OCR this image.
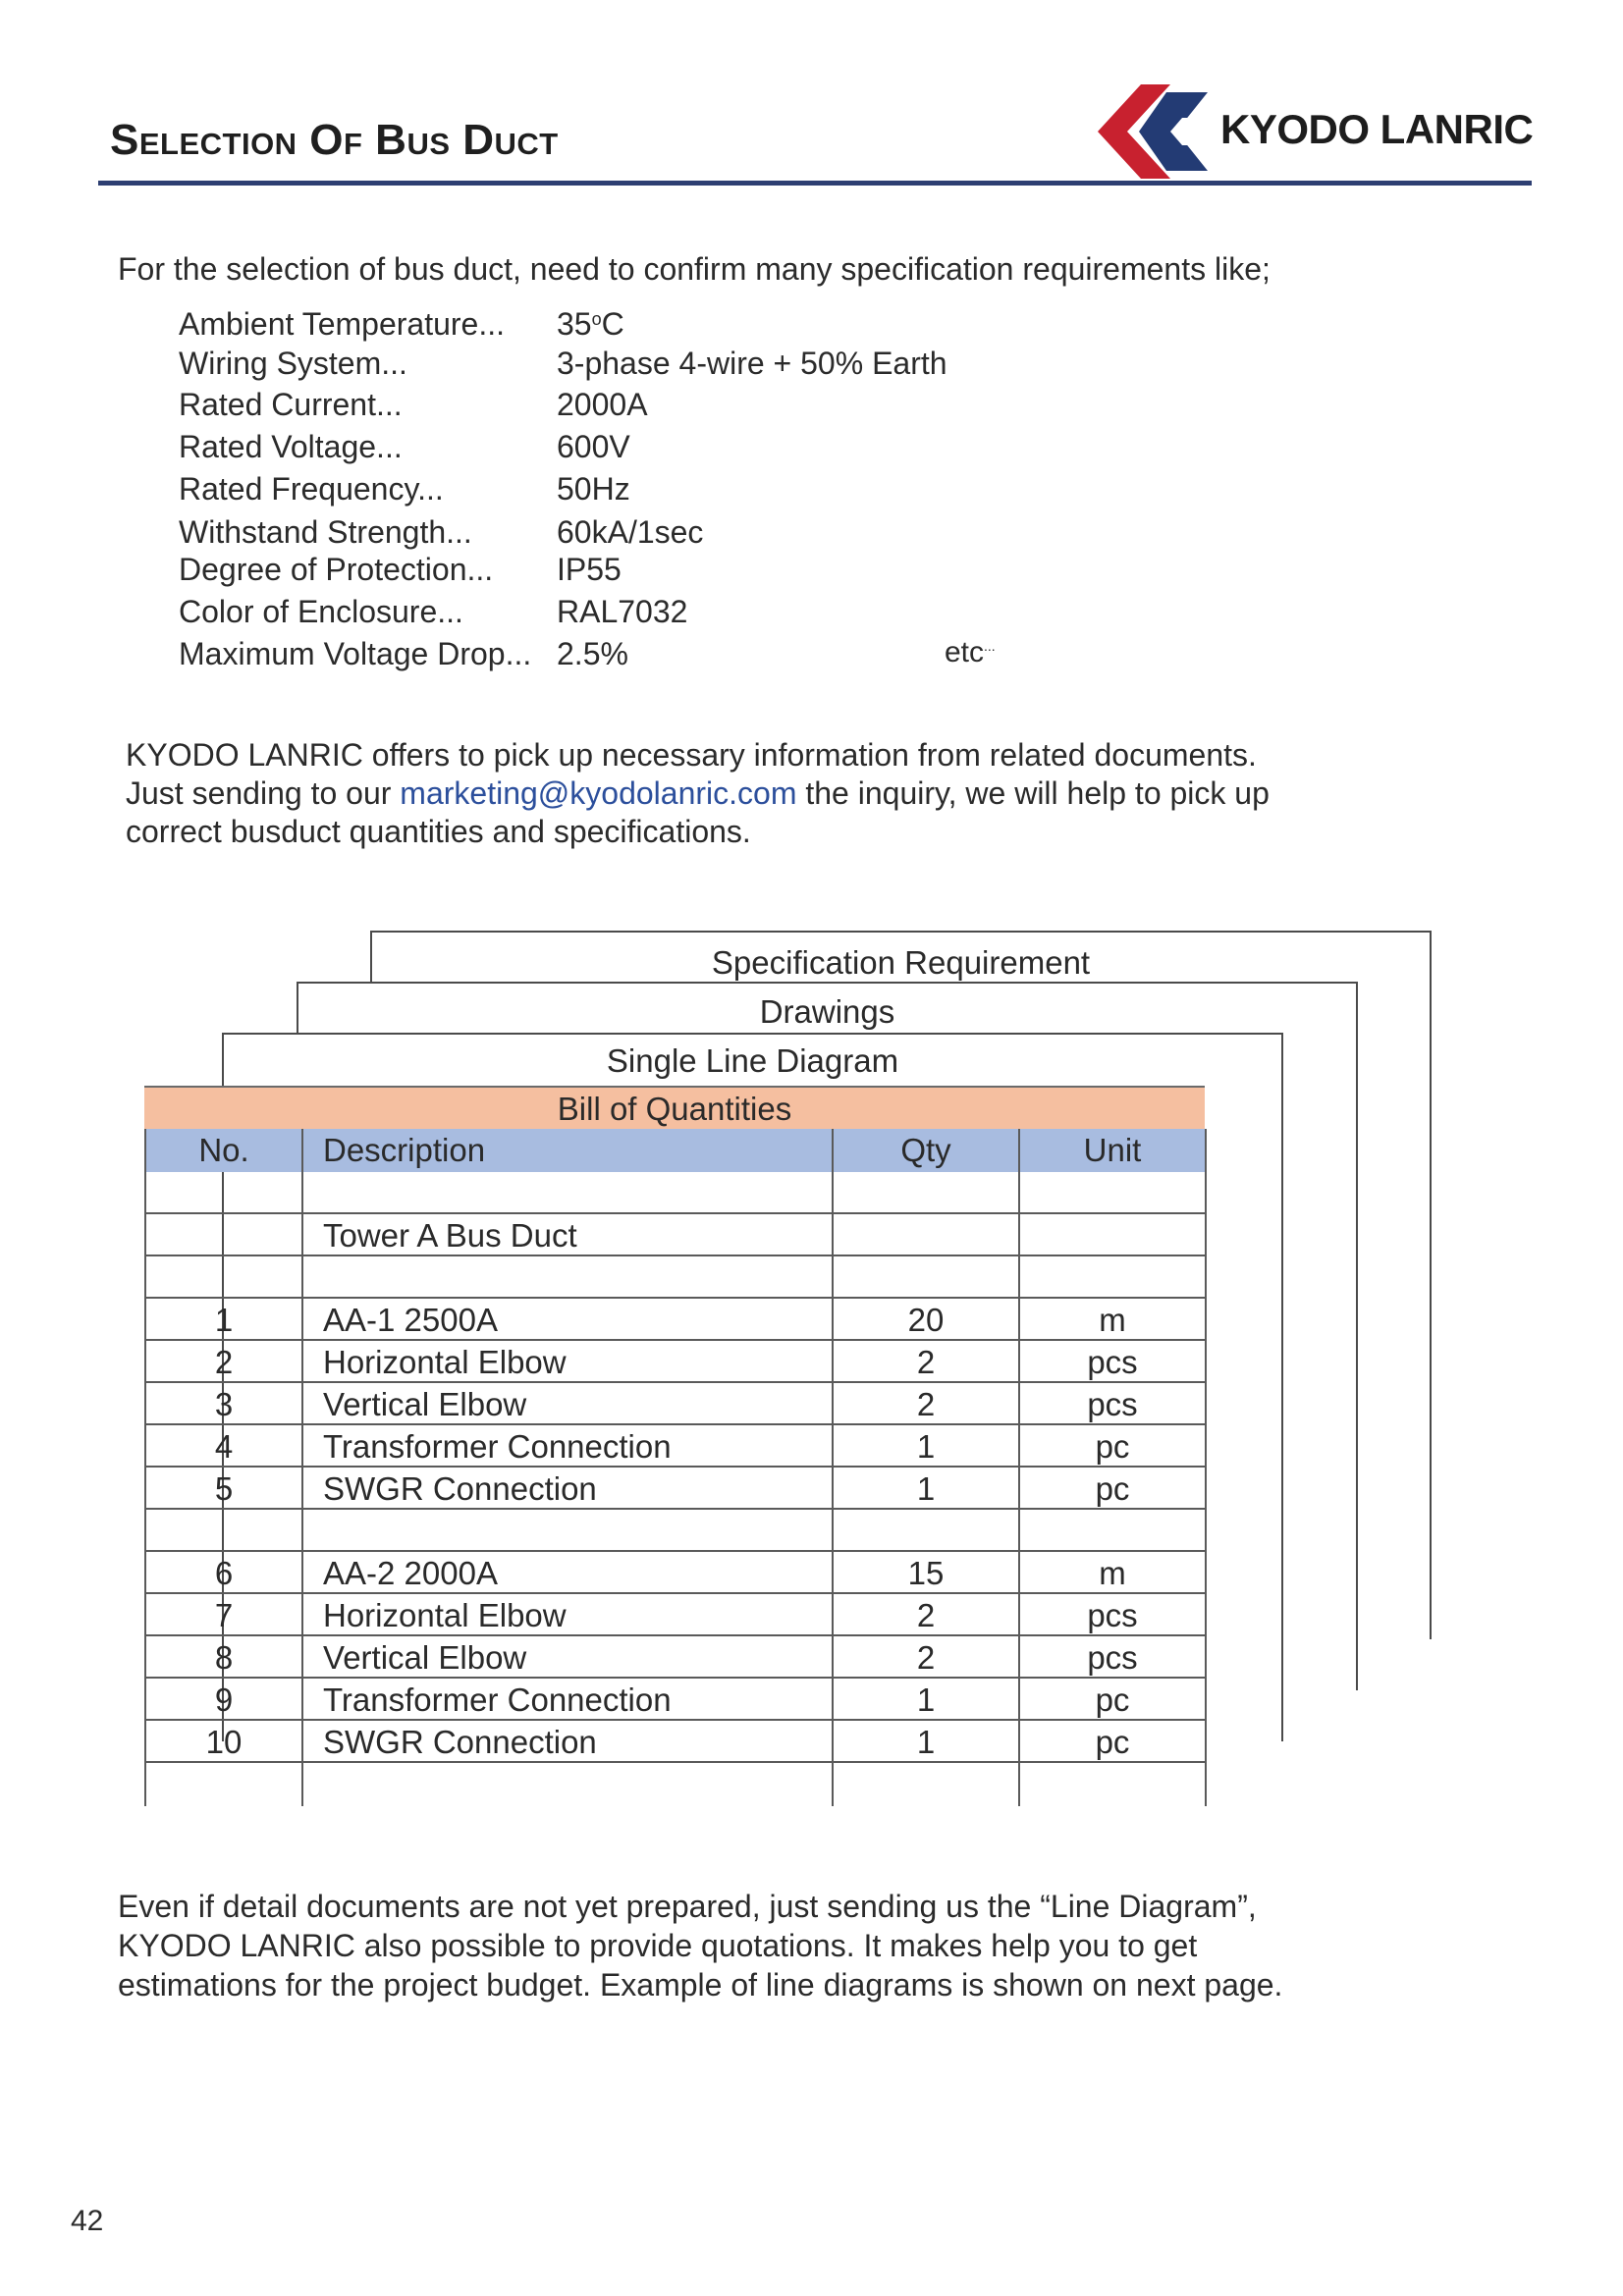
Selection Of Bus Duct	KYODO LANRIC
For the selection of bus duct, need to confirm many specification requirements like;
Ambient Temperature... 35$^o$C
Wiring System...	3-phase 4-wire + 50% Earth
Rated Current...	2000A
Rated Voltage...	600V
Rated Frequency...	50Hz
Withstand Strength...	60kA/1sec
Degree of Protection... IP55
Color of Enclosure...	RAL7032
Maximum Voltage Drop... 2.5%	etc...
KYODO LANRIC offers to pick up necessary information from related documents.
Just sending to our marketing@kyodolanric.com the inquiry, we will help to pick up
correct busduct quantities and specifications.
Specification Requirement
Drawings
Single Line Diagram
Bill of Quantities
No.	Description	Qty	Unit

	Tower A Bus Duct		

1	AA-1 2500A	20	m
2	Horizontal Elbow	2	pcs
3	Vertical Elbow	2	pcs
4	Transformer Connection	1	pc
5	SWGR Connection	1	pc

6	AA-2 2000A	15	m
7	Horizontal Elbow	2	pcs
8	Vertical Elbow	2	pcs
9	Transformer Connection	1	pc
10	SWGR Connection	1	pc

Even if detail documents are not yet prepared, just sending us the “Line Diagram”,
KYODO LANRIC also possible to provide quotations. It makes help you to get
estimations for the project budget. Example of line diagrams is shown on next page.
42
